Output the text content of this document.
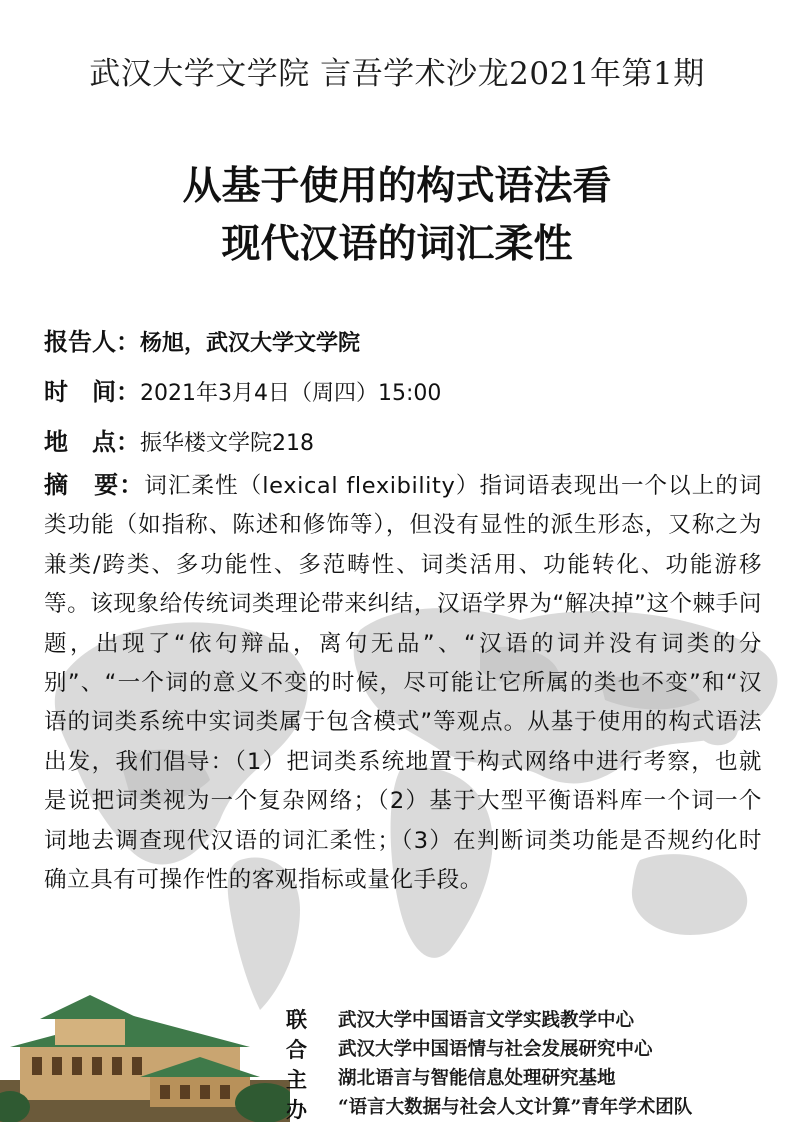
武汉大学文学院 言吾学术沙龙2021年第1期
从基于使用的构式语法看
现代汉语的词汇柔性
报告人：杨旭，武汉大学文学院
时　间：2021年3月4日（周四）15:00
地　点：振华楼文学院218
摘　要：词汇柔性（lexical flexibility）指词语表现出一个以上的词类功能（如指称、陈述和修饰等），但没有显性的派生形态，又称之为兼类/跨类、多功能性、多范畴性、词类活用、功能转化、功能游移等。该现象给传统词类理论带来纠结，汉语学界为“解决掉”这个棘手问题，出现了“依句辩品，离句无品”、“汉语的词并没有词类的分别”、“一个词的意义不变的时候，尽可能让它所属的类也不变”和“汉语的词类系统中实词类属于包含模式”等观点。从基于使用的构式语法出发，我们倡导：（1）把词类系统地置于构式网络中进行考察，也就是说把词类视为一个复杂网络；（2）基于大型平衡语料库一个词一个词地去调查现代汉语的词汇柔性；（3）在判断词类功能是否规约化时确立具有可操作性的客观指标或量化手段。
联
合
主
办
武汉大学中国语言文学实践教学中心
武汉大学中国语情与社会发展研究中心
湖北语言与智能信息处理研究基地
“语言大数据与社会人文计算”青年学术团队
